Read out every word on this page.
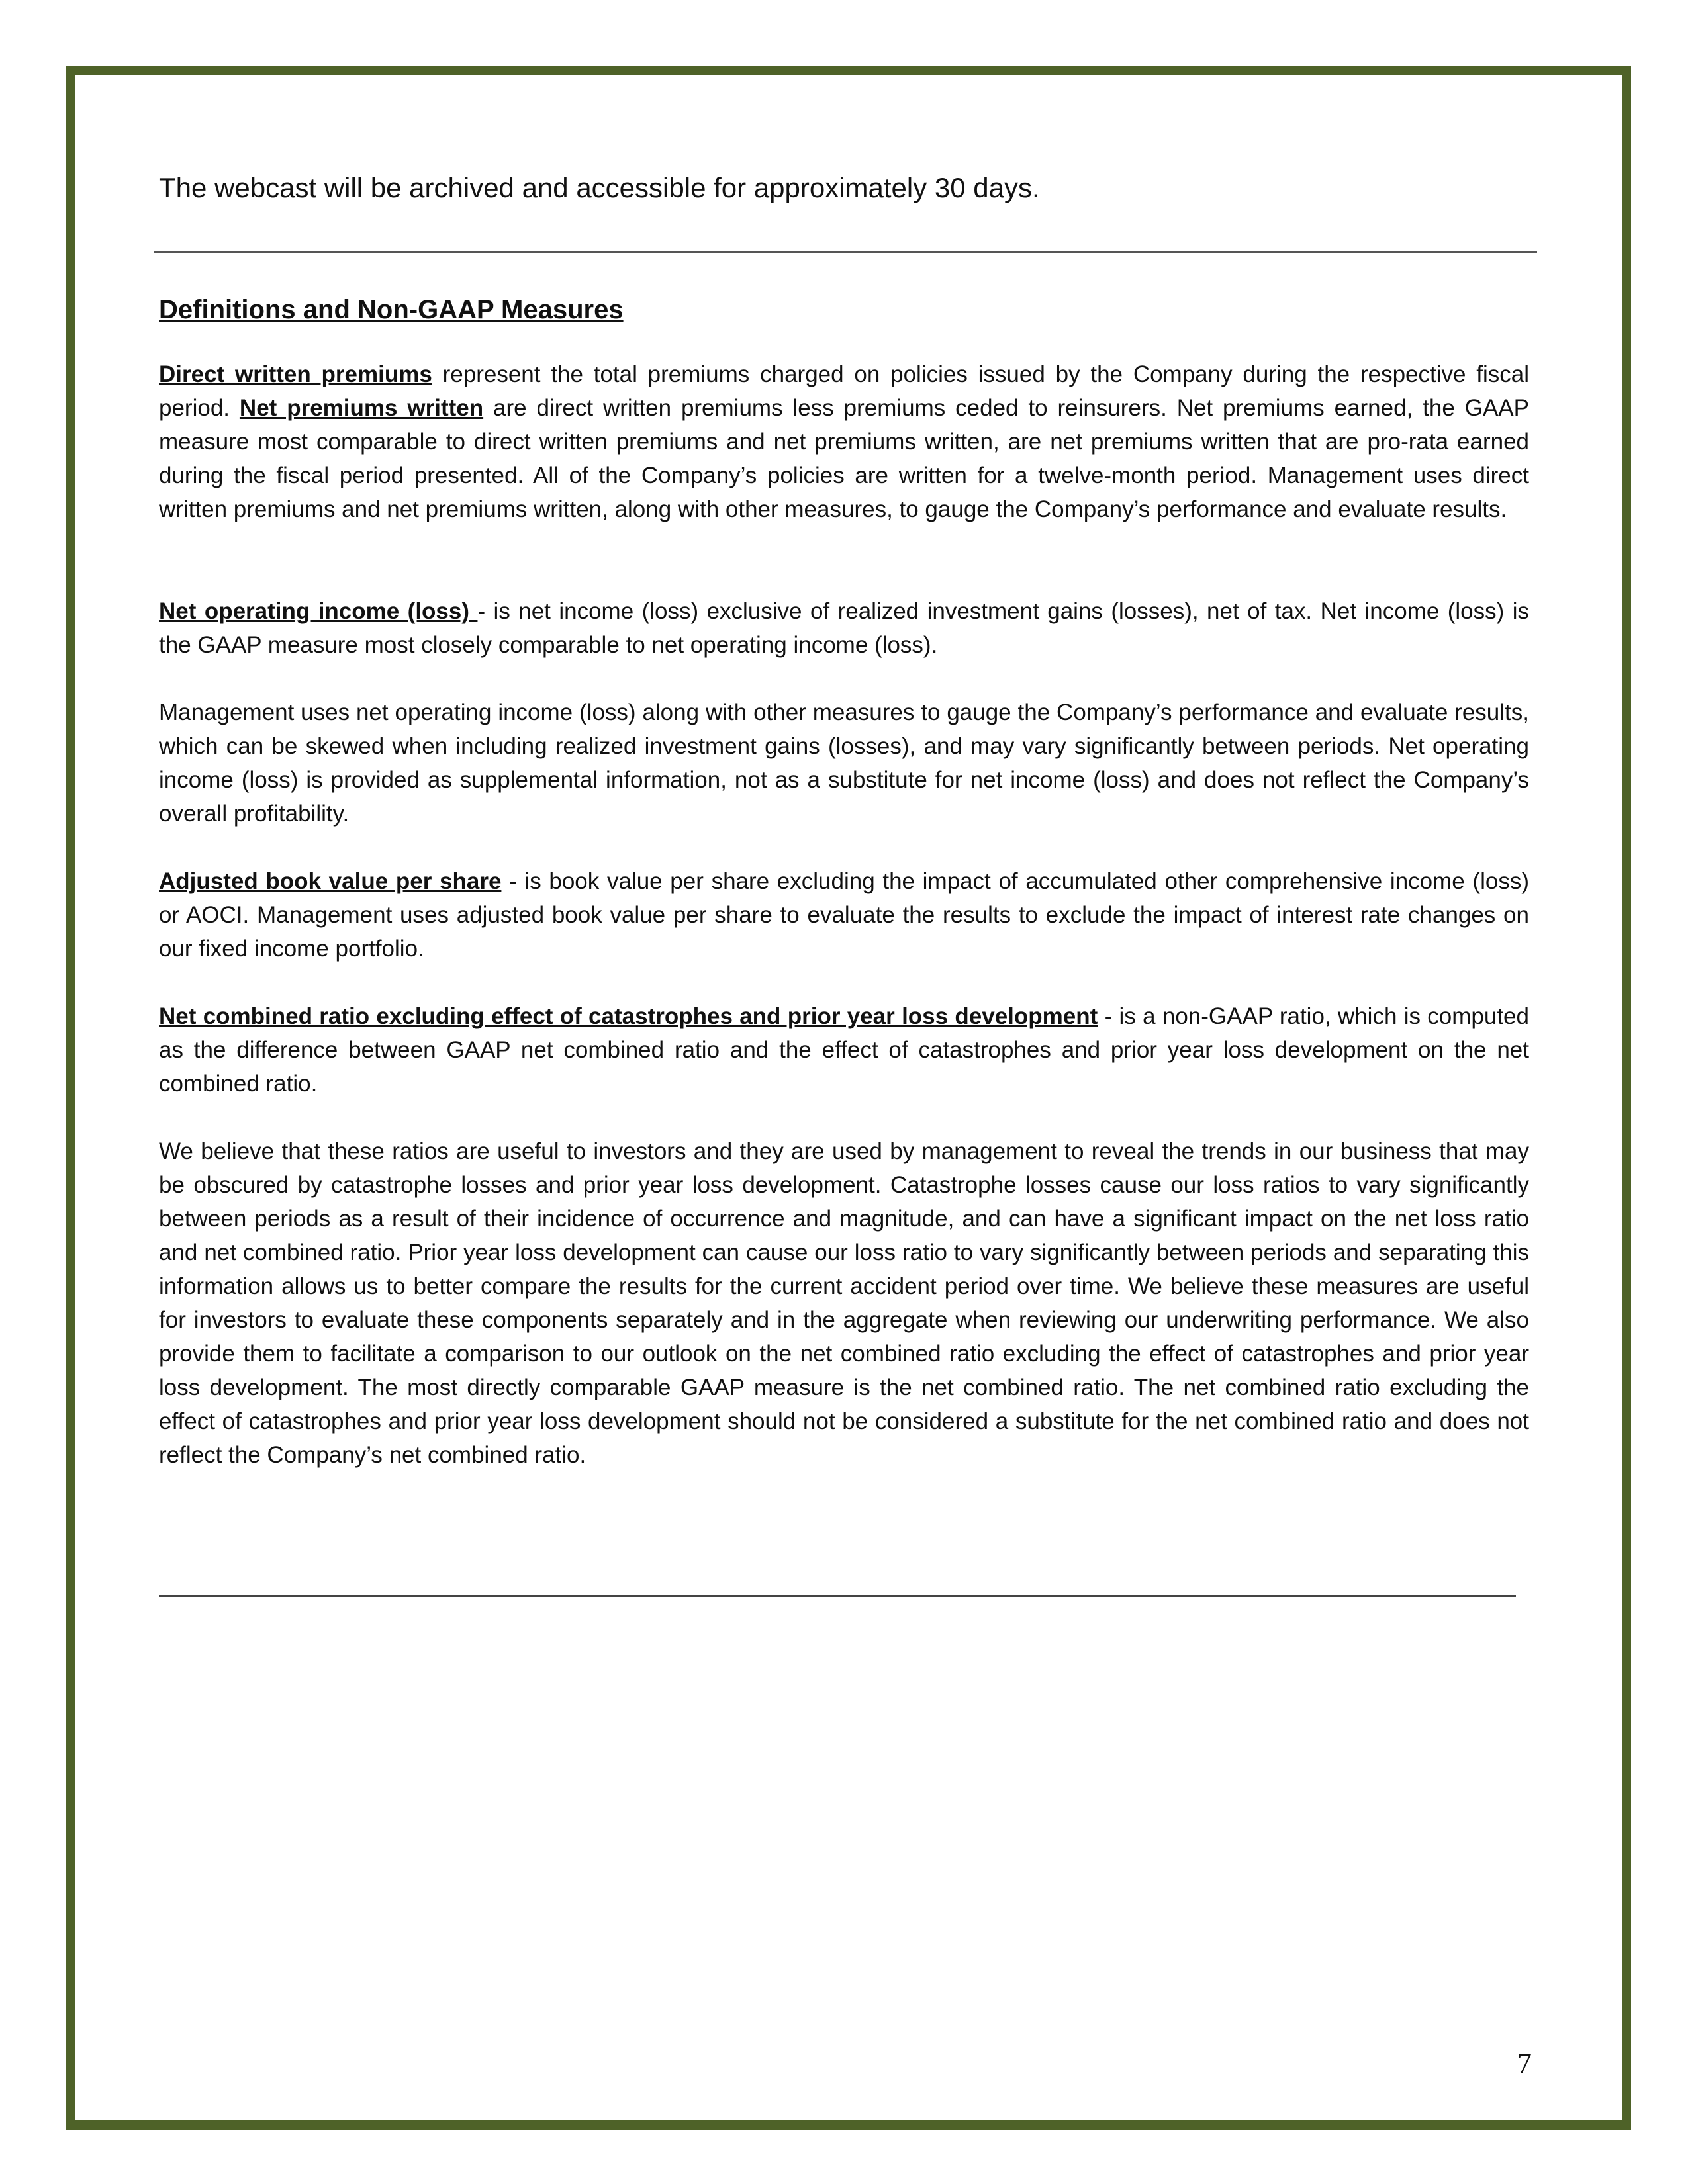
The webcast will be archived and accessible for approximately 30 days.

Definitions and Non-GAAP Measures

Direct written premiums represent the total premiums charged on policies issued by the Company during the respective fiscal period. Net premiums written are direct written premiums less premiums ceded to reinsurers. Net premiums earned, the GAAP measure most comparable to direct written premiums and net premiums written, are net premiums written that are pro-rata earned during the fiscal period presented. All of the Company’s policies are written for a twelve-month period. Management uses direct written premiums and net premiums written, along with other measures, to gauge the Company’s performance and evaluate results.

Net operating income (loss) - is net income (loss) exclusive of realized investment gains (losses), net of tax. Net income (loss) is the GAAP measure most closely comparable to net operating income (loss).

Management uses net operating income (loss) along with other measures to gauge the Company’s performance and evaluate results, which can be skewed when including realized investment gains (losses), and may vary significantly between periods. Net operating income (loss) is provided as supplemental information, not as a substitute for net income (loss) and does not reflect the Company’s overall profitability.

Adjusted book value per share - is book value per share excluding the impact of accumulated other comprehensive income (loss) or AOCI. Management uses adjusted book value per share to evaluate the results to exclude the impact of interest rate changes on our fixed income portfolio.

Net combined ratio excluding effect of catastrophes and prior year loss development - is a non-GAAP ratio, which is computed as the difference between GAAP net combined ratio and the effect of catastrophes and prior year loss development on the net combined ratio.

We believe that these ratios are useful to investors and they are used by management to reveal the trends in our business that may be obscured by catastrophe losses and prior year loss development. Catastrophe losses cause our loss ratios to vary significantly between periods as a result of their incidence of occurrence and magnitude, and can have a significant impact on the net loss ratio and net combined ratio. Prior year loss development can cause our loss ratio to vary significantly between periods and separating this information allows us to better compare the results for the current accident period over time. We believe these measures are useful for investors to evaluate these components separately and in the aggregate when reviewing our underwriting performance. We also provide them to facilitate a comparison to our outlook on the net combined ratio excluding the effect of catastrophes and prior year loss development. The most directly comparable GAAP measure is the net combined ratio. The net combined ratio excluding the effect of catastrophes and prior year loss development should not be considered a substitute for the net combined ratio and does not reflect the Company’s net combined ratio.

7
